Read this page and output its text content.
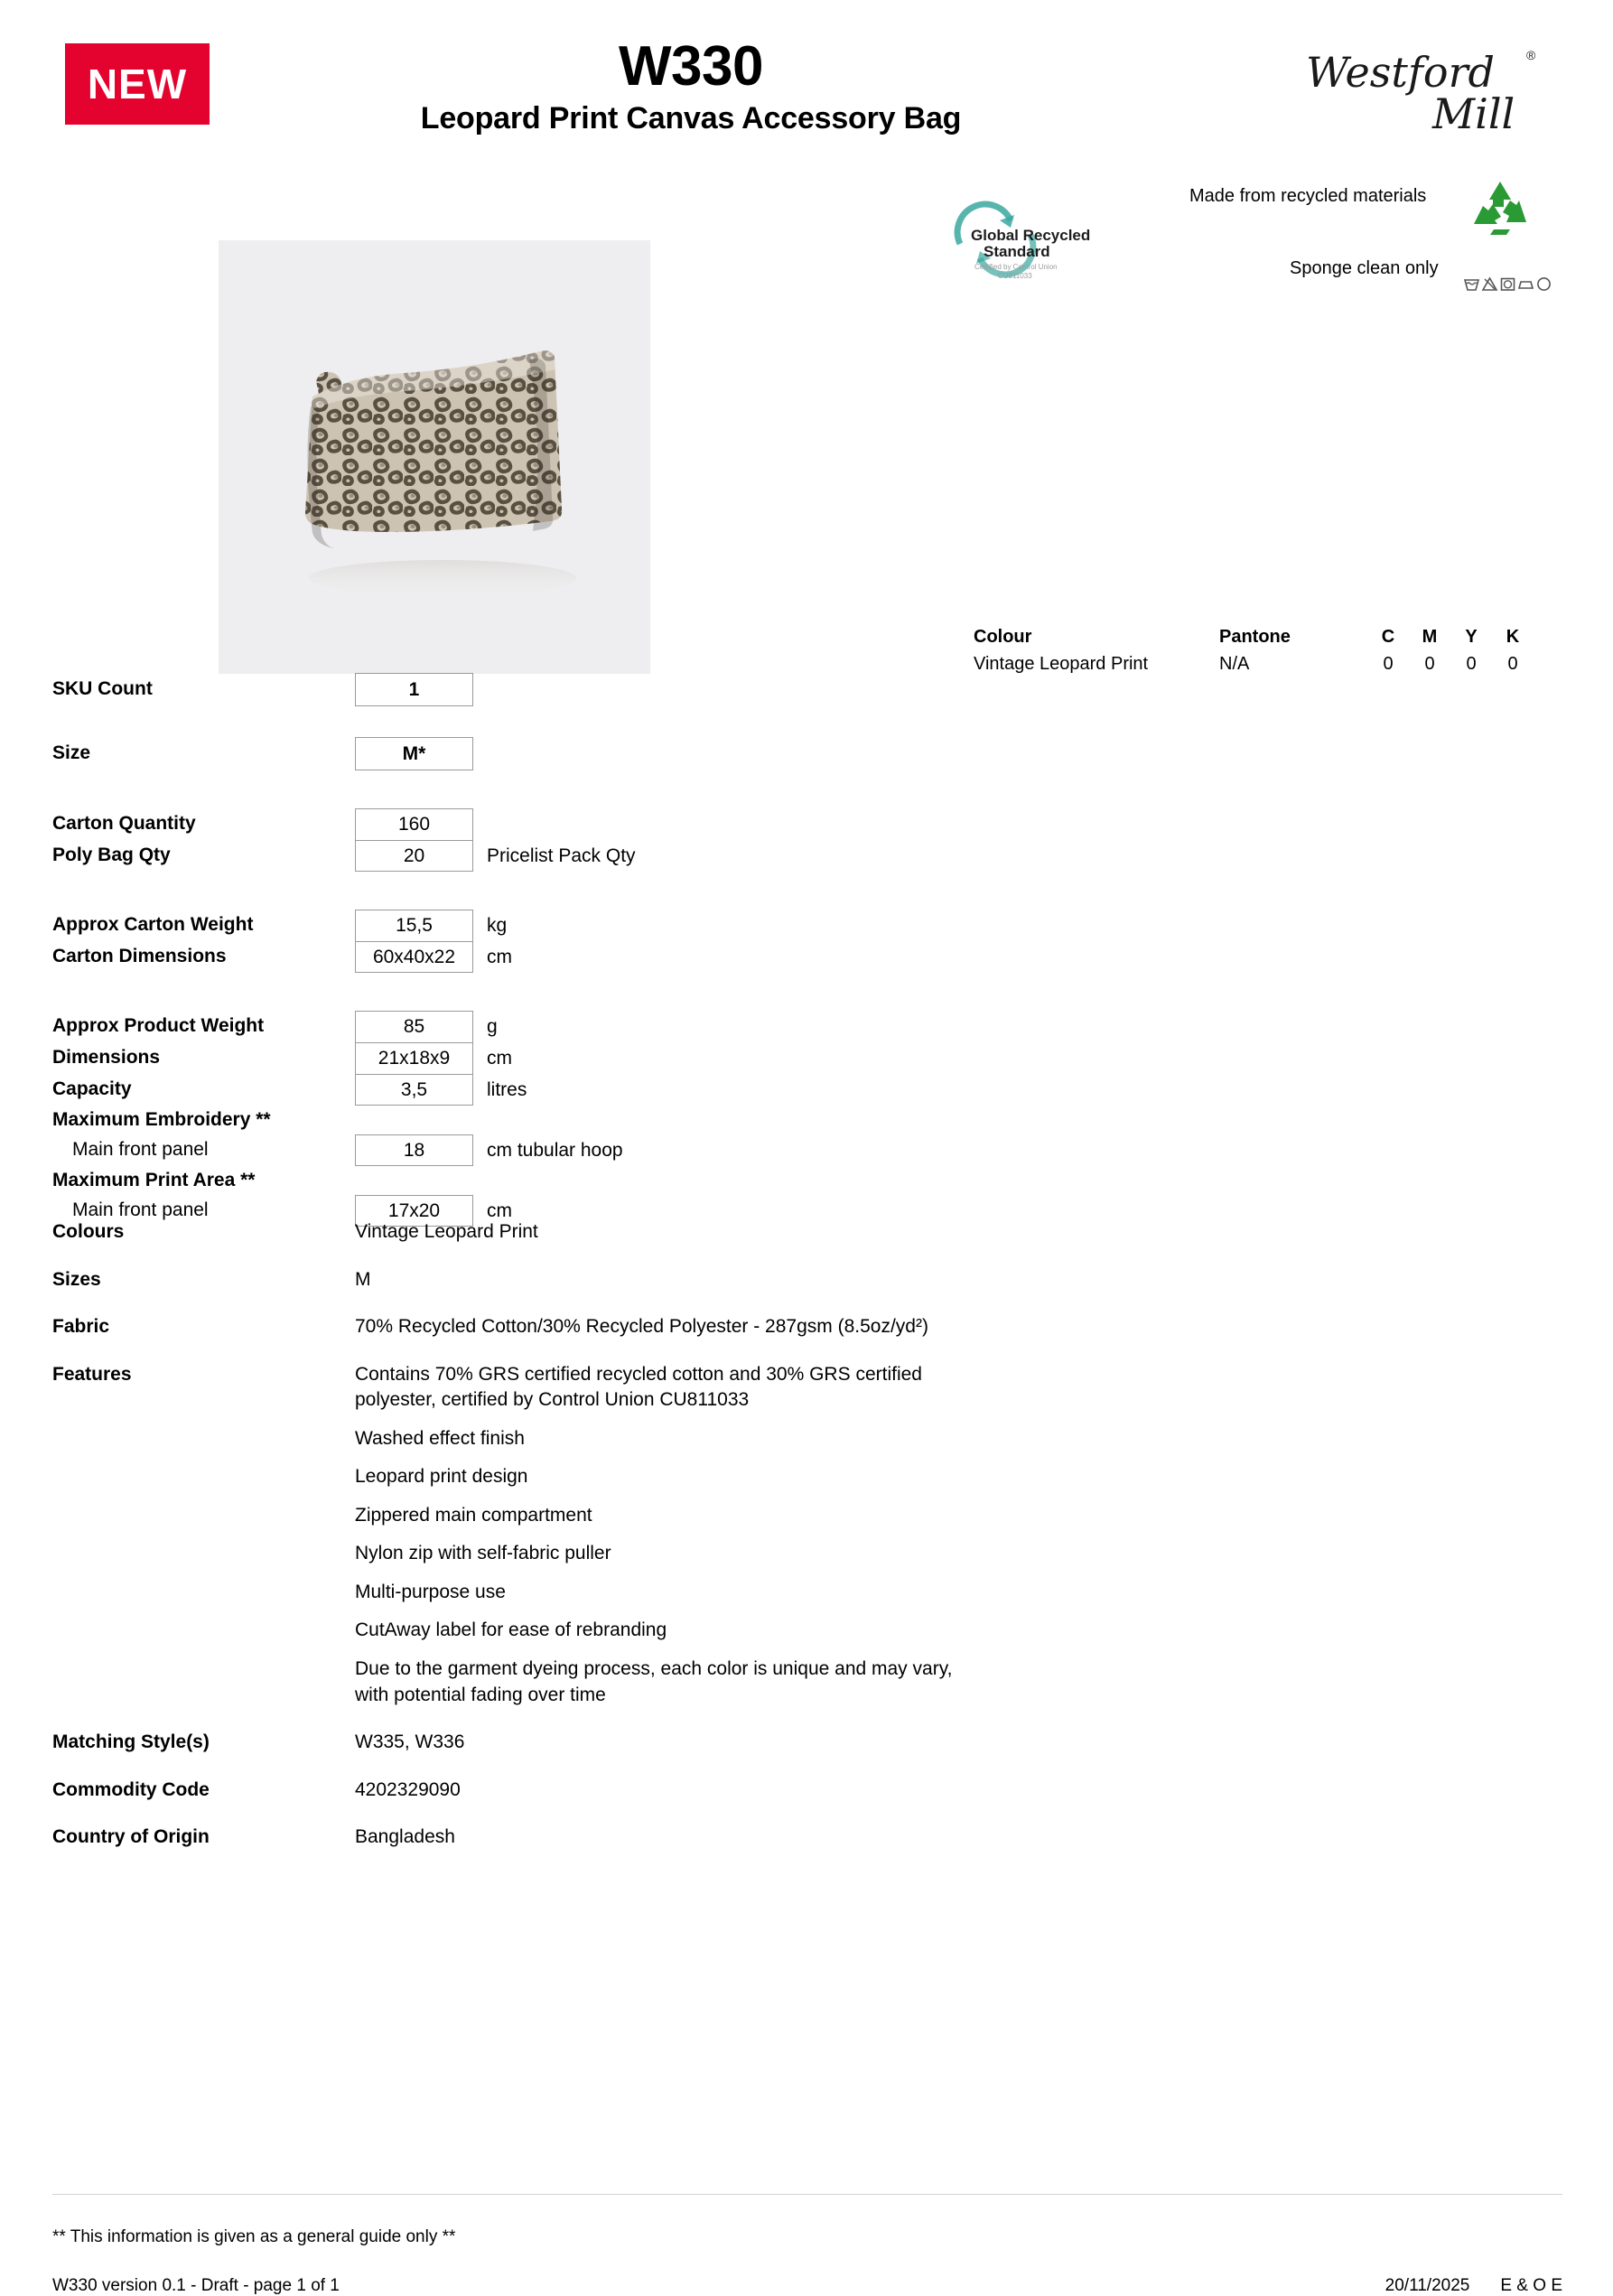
NEW	W330
Leopard Print Canvas Accessory Bag
Westford
Mill
®
Global Recycled
Standard
Certified by Control Union
CU811033
Made from recycled materials
Sponge clean only
Colour	Pantone	C	M	Y	K
Vintage Leopard Print	N/A	0	0	0	0
SKU Count	1
Size	M*
Carton Quantity	160
Poly Bag Qty	20	Pricelist Pack Qty
Approx Carton Weight	15,5	kg
Carton Dimensions	60x40x22	cm
Approx Product Weight	85	g
Dimensions	21x18x9	cm
Capacity	3,5	litres
Maximum Embroidery **
Main front panel	18	cm tubular hoop
Maximum Print Area **
Main front panel	17x20	cm
Colours	Vintage Leopard Print
Sizes	M
Fabric	70% Recycled Cotton/30% Recycled Polyester - 287gsm (8.5oz/yd²)
Features	Contains 70% GRS certified recycled cotton and 30% GRS certified polyester, certified by Control Union CU811033
Washed effect finish
Leopard print design
Zippered main compartment
Nylon zip with self-fabric puller
Multi-purpose use
CutAway label for ease of rebranding
Due to the garment dyeing process, each color is unique and may vary, with potential fading over time
Matching Style(s)	W335, W336
Commodity Code	4202329090
Country of Origin	Bangladesh
** This information is given as a general guide only **
W330 version 0.1 - Draft - page 1 of 1	20/11/2025 E & O E
